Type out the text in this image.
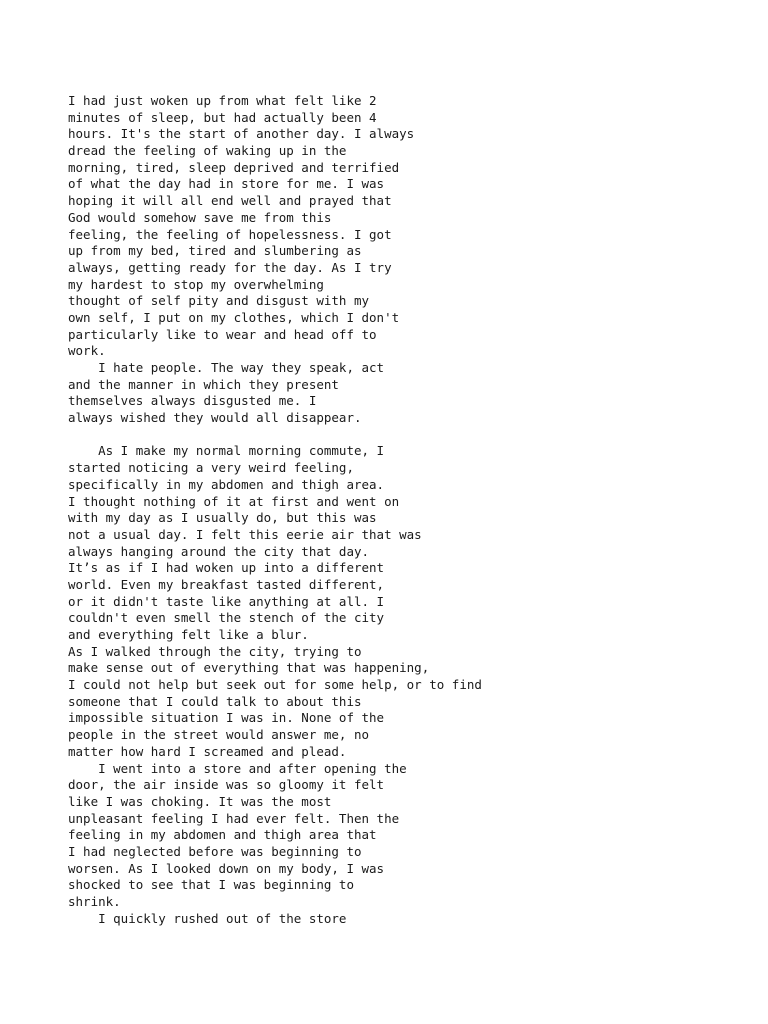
I had just woken up from what felt like 2
minutes of sleep, but had actually been 4
hours. It's the start of another day. I always
dread the feeling of waking up in the
morning, tired, sleep deprived and terrified
of what the day had in store for me. I was
hoping it will all end well and prayed that
God would somehow save me from this
feeling, the feeling of hopelessness. I got
up from my bed, tired and slumbering as
always, getting ready for the day. As I try
my hardest to stop my overwhelming
thought of self pity and disgust with my
own self, I put on my clothes, which I don't
particularly like to wear and head off to
work.
I hate people. The way they speak, act
and the manner in which they present
themselves always disgusted me. I
always wished they would all disappear.
As I make my normal morning commute, I
started noticing a very weird feeling,
specifically in my abdomen and thigh area.
I thought nothing of it at first and went on
with my day as I usually do, but this was
not a usual day. I felt this eerie air that was
always hanging around the city that day.
It’s as if I had woken up into a different
world. Even my breakfast tasted different,
or it didn't taste like anything at all. I
couldn't even smell the stench of the city
and everything felt like a blur.
As I walked through the city, trying to
make sense out of everything that was happening,
I could not help but seek out for some help, or to find
someone that I could talk to about this
impossible situation I was in. None of the
people in the street would answer me, no
matter how hard I screamed and plead.
I went into a store and after opening the
door, the air inside was so gloomy it felt
like I was choking. It was the most
unpleasant feeling I had ever felt. Then the
feeling in my abdomen and thigh area that
I had neglected before was beginning to
worsen. As I looked down on my body, I was
shocked to see that I was beginning to
shrink.
I quickly rushed out of the store
